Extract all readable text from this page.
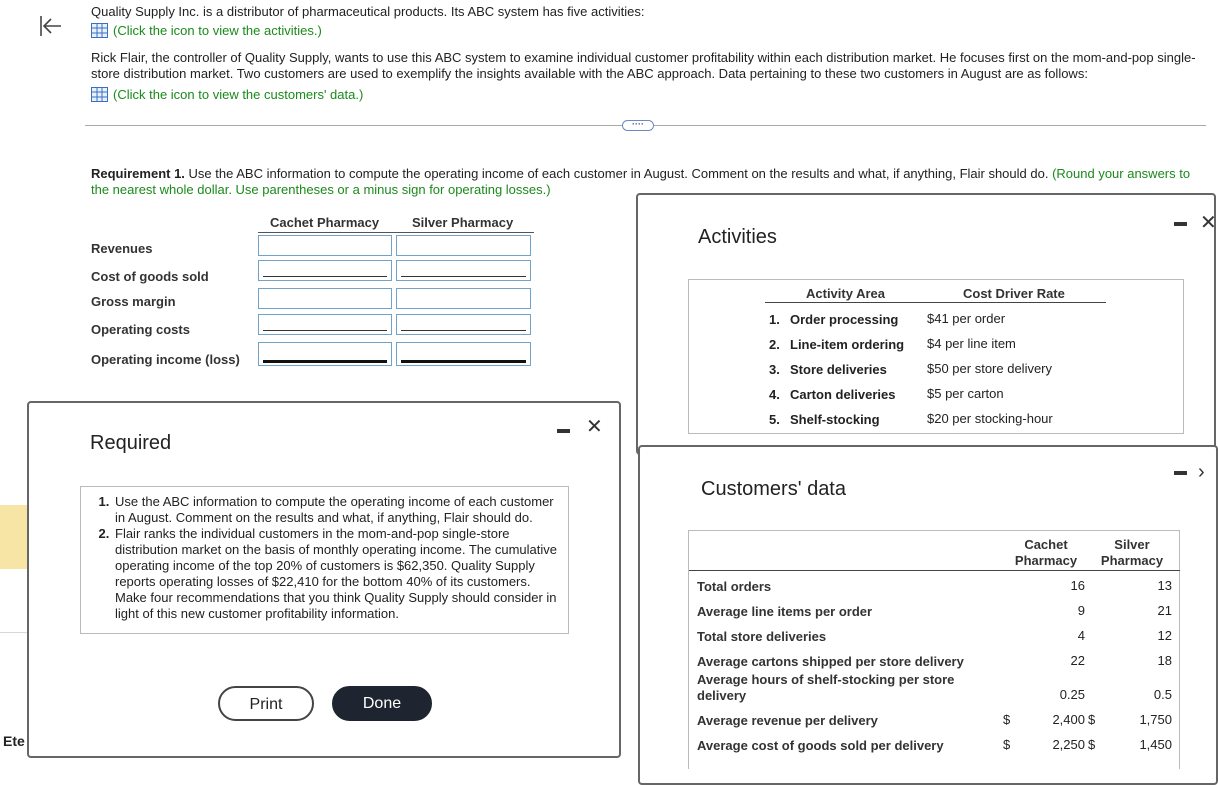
Ete
Quality Supply Inc. is a distributor of pharmaceutical products. Its ABC system has five activities:
(Click the icon to view the activities.)
Rick Flair, the controller of Quality Supply, wants to use this ABC system to examine individual customer profitability within each distribution market. He focuses first on the mom-and-pop single-store distribution market. Two customers are used to exemplify the insights available with the ABC approach. Data pertaining to these two customers in August are as follows:
(Click the icon to view the customers' data.)
····
Requirement 1. Use the ABC information to compute the operating income of each customer in August. Comment on the results and what, if anything, Flair should do. (Round your answers to the nearest whole dollar. Use parentheses or a minus sign for operating losses.)
Cachet Pharmacy	Silver Pharmacy
Revenues
Cost of goods sold
Gross margin
Operating costs
Operating income (loss)
Activities
✕
Activity Area	Cost Driver Rate
1. Order processing $41 per order
2. Line-item ordering $4 per line item
3. Store deliveries	$50 per store delivery
4. Carton deliveries $5 per carton
5. Shelf-stocking	$20 per stocking-hour
Customers' data
›
Cachet
Pharmacy
Silver
Pharmacy
Total orders	16	13
Average line items per order	9	21
Total store deliveries	4	12
Average cartons shipped per store delivery	22	18
Average hours of shelf-stocking per store delivery	0.25	0.5
Average revenue per delivery	$	2,400 $	1,750
Average cost of goods sold per delivery	$	2,250 $	1,450
Required
✕
1. Use the ABC information to compute the operating income of each customer in August. Comment on the results and what, if anything, Flair should do.
2. Flair ranks the individual customers in the mom-and-pop single-store distribution market on the basis of monthly operating income. The cumulative operating income of the top 20% of customers is $62,350. Quality Supply reports operating losses of $22,410 for the bottom 40% of its customers. Make four recommendations that you think Quality Supply should consider in light of this new customer profitability information.
Print	Done
